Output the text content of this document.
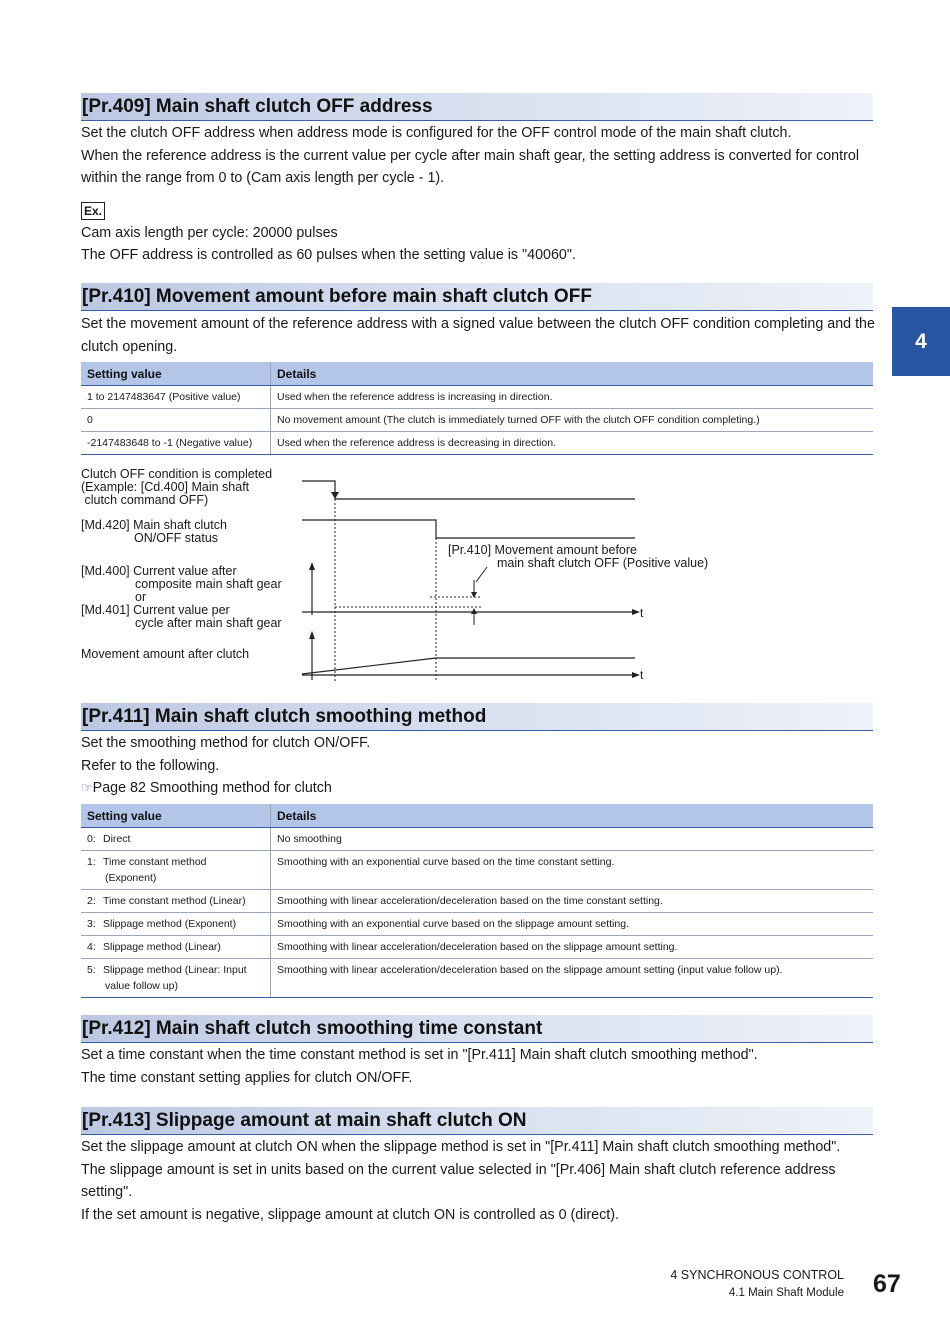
4
[Pr.409] Main shaft clutch OFF address
Set the clutch OFF address when address mode is configured for the OFF control mode of the main shaft clutch.
When the reference address is the current value per cycle after main shaft gear, the setting address is converted for control
within the range from 0 to (Cam axis length per cycle - 1).
Ex.
Cam axis length per cycle: 20000 pulses
The OFF address is controlled as 60 pulses when the setting value is "40060".
[Pr.410] Movement amount before main shaft clutch OFF
Set the movement amount of the reference address with a signed value between the clutch OFF condition completing and the
clutch opening.
Setting value	Details
1 to 2147483647 (Positive value)	Used when the reference address is increasing in direction.
0	No movement amount (The clutch is immediately turned OFF with the clutch OFF condition completing.)
-2147483648 to -1 (Negative value)	Used when the reference address is decreasing in direction.
Clutch OFF condition is completed
(Example: [Cd.400] Main shaft
clutch command OFF)
[Md.420] Main shaft clutch
ON/OFF status
[Md.400] Current value after
composite main shaft gear
or
[Md.401] Current value per
cycle after main shaft gear
Movement amount after clutch
[Pr.410] Movement amount before
main shaft clutch OFF (Positive value)
t
t
[Pr.411] Main shaft clutch smoothing method
Set the smoothing method for clutch ON/OFF.
Refer to the following.
☞Page 82 Smoothing method for clutch
Setting value	Details
0: Direct	No smoothing
1: Time constant method
(Exponent)	Smoothing with an exponential curve based on the time constant setting.
2: Time constant method (Linear)	Smoothing with linear acceleration/deceleration based on the time constant setting.
3: Slippage method (Exponent)	Smoothing with an exponential curve based on the slippage amount setting.
4: Slippage method (Linear)	Smoothing with linear acceleration/deceleration based on the slippage amount setting.
5: Slippage method (Linear: Input
value follow up)	Smoothing with linear acceleration/deceleration based on the slippage amount setting (input value follow up).
[Pr.412] Main shaft clutch smoothing time constant
Set a time constant when the time constant method is set in "[Pr.411] Main shaft clutch smoothing method".
The time constant setting applies for clutch ON/OFF.
[Pr.413] Slippage amount at main shaft clutch ON
Set the slippage amount at clutch ON when the slippage method is set in "[Pr.411] Main shaft clutch smoothing method".
The slippage amount is set in units based on the current value selected in "[Pr.406] Main shaft clutch reference address
setting".
If the set amount is negative, slippage amount at clutch ON is controlled as 0 (direct).
4 SYNCHRONOUS CONTROL
4.1 Main Shaft Module 67
